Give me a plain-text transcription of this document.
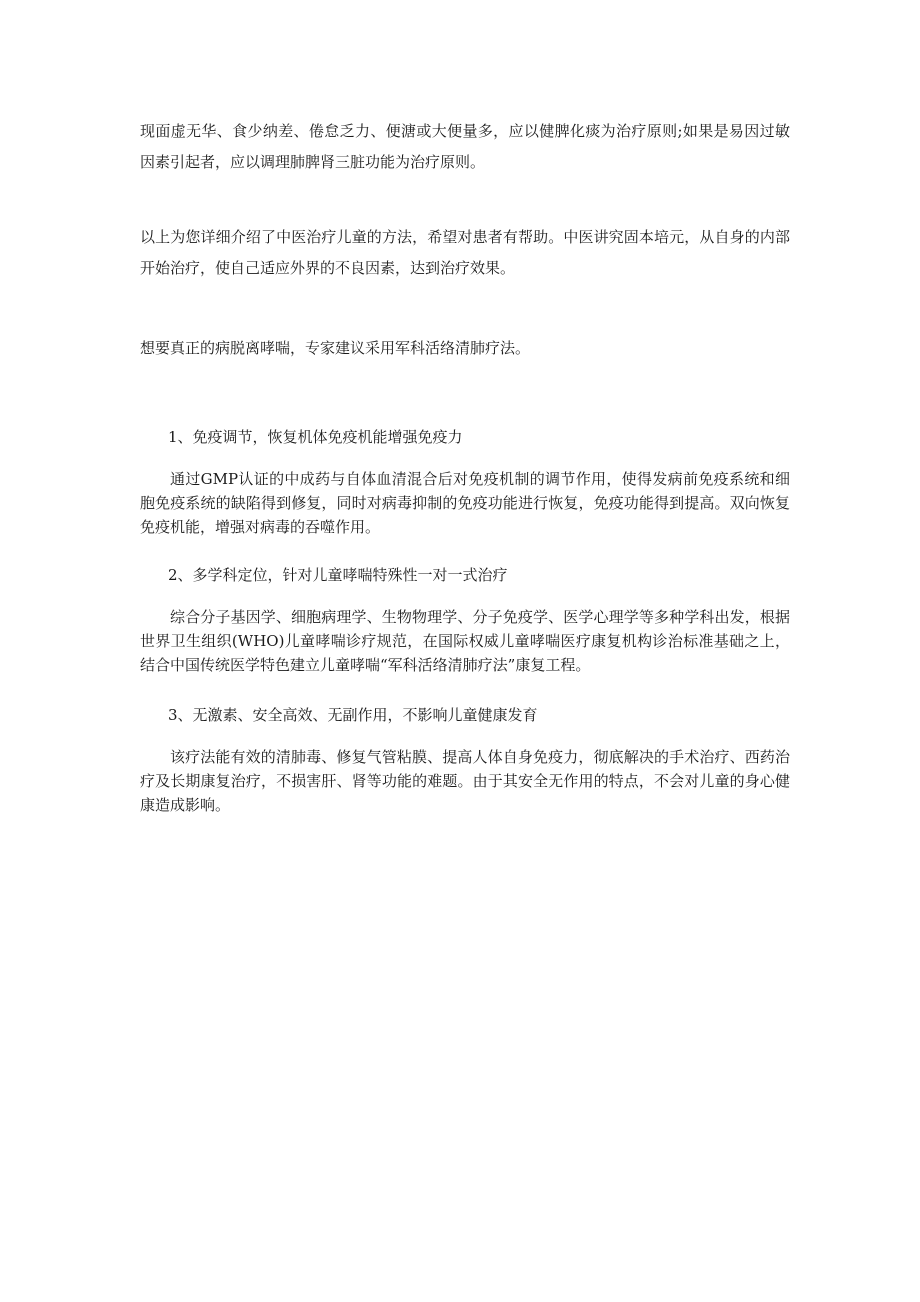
现面虚无华、食少纳差、倦怠乏力、便溏或大便量多，应以健脾化痰为治疗原则;如果是易因过敏因素引起者，应以调理肺脾肾三脏功能为治疗原则。

以上为您详细介绍了中医治疗儿童的方法，希望对患者有帮助。中医讲究固本培元，从自身的内部开始治疗，使自己适应外界的不良因素，达到治疗效果。

想要真正的病脱离哮喘，专家建议采用军科活络清肺疗法。

1、免疫调节，恢复机体免疫机能增强免疫力

通过GMP认证的中成药与自体血清混合后对免疫机制的调节作用，使得发病前免疫系统和细胞免疫系统的缺陷得到修复，同时对病毒抑制的免疫功能进行恢复，免疫功能得到提高。双向恢复免疫机能，增强对病毒的吞噬作用。

2、多学科定位，针对儿童哮喘特殊性一对一式治疗

综合分子基因学、细胞病理学、生物物理学、分子免疫学、医学心理学等多种学科出发，根据世界卫生组织(WHO)儿童哮喘诊疗规范，在国际权威儿童哮喘医疗康复机构诊治标准基础之上，结合中国传统医学特色建立儿童哮喘“军科活络清肺疗法”康复工程。

3、无激素、安全高效、无副作用，不影响儿童健康发育

该疗法能有效的清肺毒、修复气管粘膜、提高人体自身免疫力，彻底解决的手术治疗、西药治疗及长期康复治疗，不损害肝、肾等功能的难题。由于其安全无作用的特点，不会对儿童的身心健康造成影响。
